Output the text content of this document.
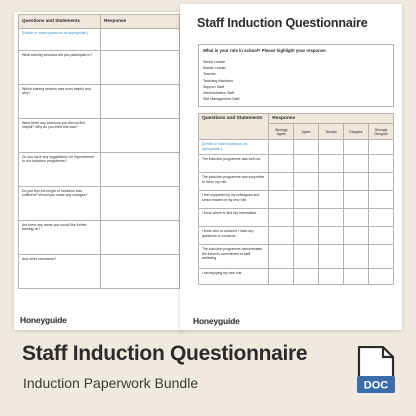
Questions and Statements	Response
[Delete or insert questions as appropriate.]	
What training sessions did you participate in?	
Which training session was most helpful and why?	
Were there any sessions you did not find helpful? Why do you think this was?	
Do you have any suggestions for improvement to our induction programme?	
Do you feel the length of induction was sufficient? Would you make any changes?	
Are there any areas you would like further training on?	
Any other comments?	
Honeyguide
Staff Induction Questionnaire
What is your role in school? Please highlight your response.
Senior Leader
Middle Leader
Teacher
Teaching Assistant
Support Staff
Administrative Staff
Site Management Staff
Questions and Statements	Response				
	Strongly Agree	Agree	Neutral	Disagree	Strongly Disagree
[Delete or insert questions as appropriate.]					
The induction programme was well run.					
The induction programme was supportive to me in my role.					
I feel supported by my colleagues and senior leaders in my new role.					
I know where to find key information.					
I know who to contact if I have any questions or concerns.					
The induction programme demonstrates the school's commitment to staff wellbeing.					
I am enjoying my new role.					
Honeyguide
Staff Induction Questionnaire
Induction Paperwork Bundle	DOC
